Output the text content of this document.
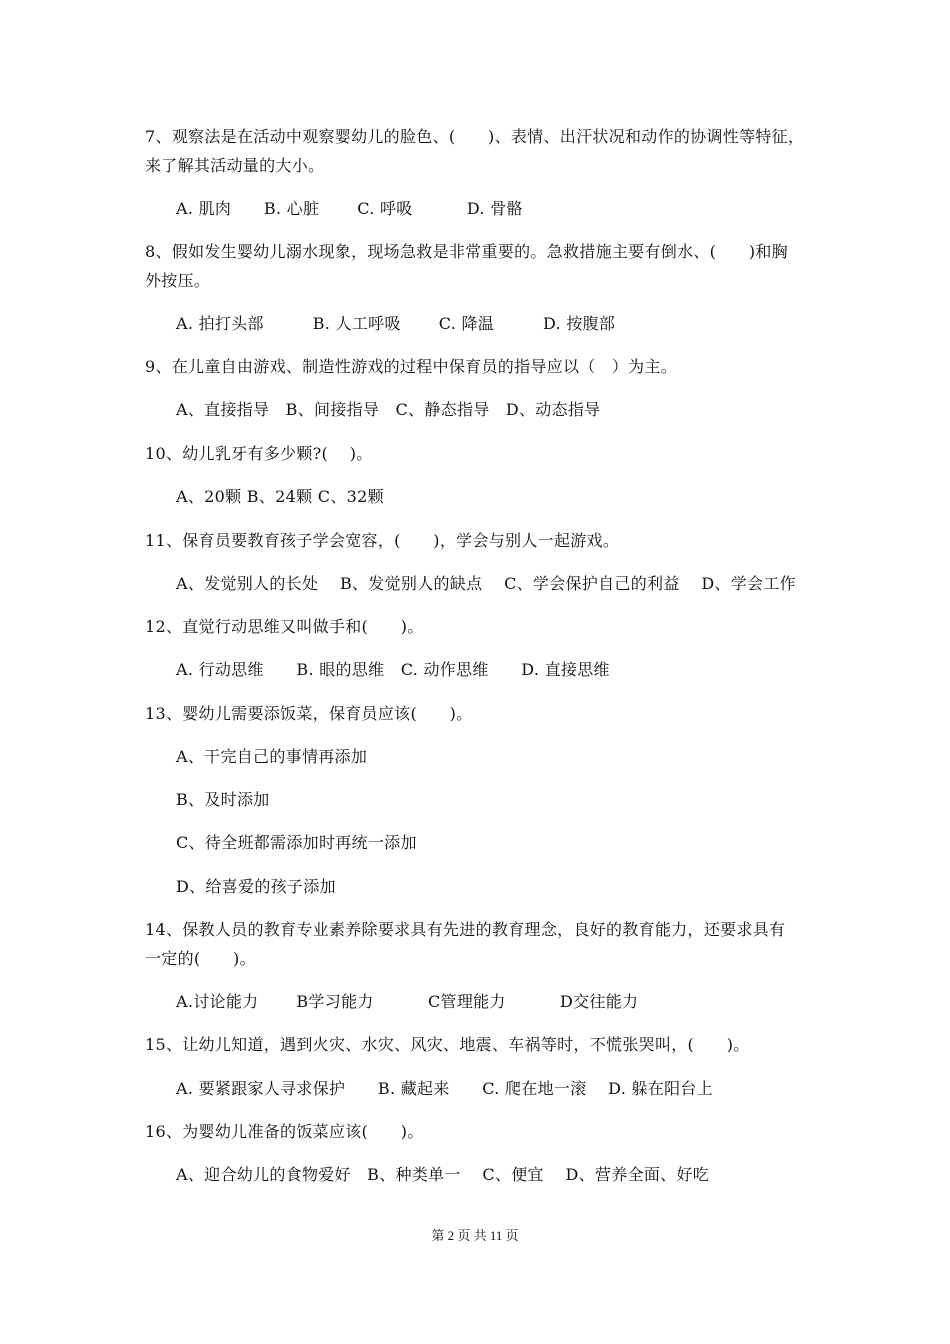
7、观察法是在活动中观察婴幼儿的脸色、(　　)、表情、出汗状况和动作的协调性等特征，
来了解其活动量的大小。
A. 肌肉　　B. 心脏　　 C. 呼吸　　　 D. 骨骼
8、假如发生婴幼儿溺水现象，现场急救是非常重要的。急救措施主要有倒水、(　　)和胸
外按压。
A. 拍打头部　　　B. 人工呼吸　　 C. 降温　　　D. 按腹部
9、在儿童自由游戏、制造性游戏的过程中保育员的指导应以（　）为主。
A、直接指导　B、间接指导　C、静态指导　D、动态指导
10、幼儿乳牙有多少颗?(　 )。
A、20颗 B、24颗 C、32颗
11、保育员要教育孩子学会宽容，(　　)，学会与别人一起游戏。
A、发觉别人的长处　 B、发觉别人的缺点　 C、学会保护自己的利益　 D、学会工作
12、直觉行动思维又叫做手和(　　)。
A. 行动思维　　B. 眼的思维　C. 动作思维　　D. 直接思维
13、婴幼儿需要添饭菜，保育员应该(　　)。
A、干完自己的事情再添加
B、及时添加
C、待全班都需添加时再统一添加
D、给喜爱的孩子添加
14、保教人员的教育专业素养除要求具有先进的教育理念，良好的教育能力，还要求具有
一定的(　　)。
A.讨论能力　　 B学习能力　　　 C管理能力　　　 D交往能力
15、让幼儿知道，遇到火灾、水灾、风灾、地震、车祸等时，不慌张哭叫，(　　)。
A. 要紧跟家人寻求保护　　B. 藏起来　　C. 爬在地一滚　 D. 躲在阳台上
16、为婴幼儿准备的饭菜应该(　　)。
A、迎合幼儿的食物爱好　B、种类单一　 C、便宜　 D、营养全面、好吃
第 2 页 共 11 页
